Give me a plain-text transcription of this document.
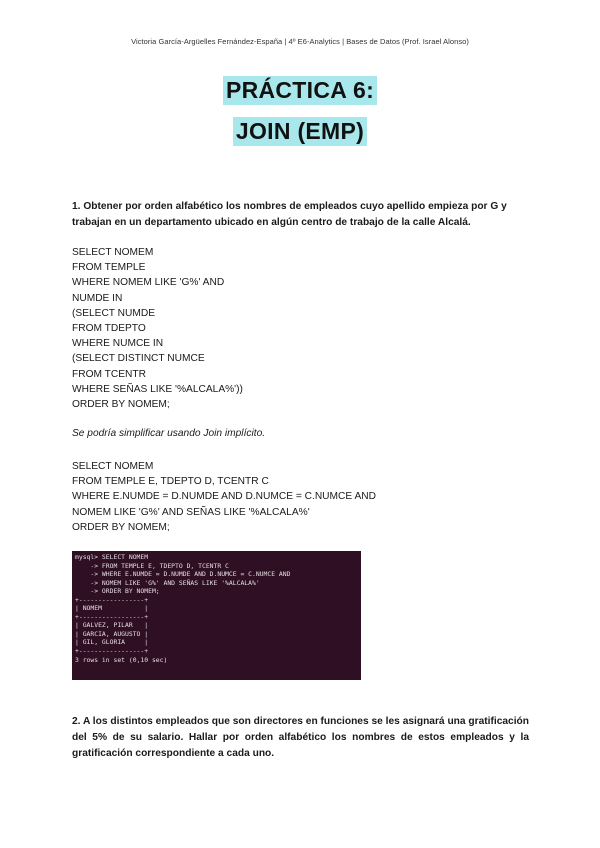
Victoria García-Argüelles Fernández-España | 4º E6-Analytics | Bases de Datos (Prof. Israel Alonso)
PRÁCTICA 6:
JOIN (EMP)
1. Obtener por orden alfabético los nombres de empleados cuyo apellido empieza por G y trabajan en un departamento ubicado en algún centro de trabajo de la calle Alcalá.
SELECT NOMEM
FROM TEMPLE
WHERE NOMEM LIKE 'G%' AND
NUMDE IN
(SELECT NUMDE
FROM TDEPTO
WHERE NUMCE IN
(SELECT DISTINCT NUMCE
FROM TCENTR
WHERE SEÑAS LIKE '%ALCALA%'))
ORDER BY NOMEM;
Se podría simplificar usando Join implícito.
SELECT NOMEM
FROM TEMPLE E, TDEPTO D, TCENTR C
WHERE E.NUMDE = D.NUMDE AND D.NUMCE = C.NUMCE AND
NOMEM LIKE 'G%' AND SEÑAS LIKE '%ALCALA%'
ORDER BY NOMEM;
mysql> SELECT NOMEM
-> FROM TEMPLE E, TDEPTO D, TCENTR C
-> WHERE E.NUMDE = D.NUMDE AND D.NUMCE = C.NUMCE AND
-> NOMEM LIKE 'G%' AND SEÑAS LIKE '%ALCALA%'
-> ORDER BY NOMEM;
+-----------------+
| NOMEM           |
+-----------------+
| GALVEZ, PILAR   |
| GARCIA, AUGUSTO |
| GIL, GLORIA     |
+-----------------+
3 rows in set (0,10 sec)
2. A los distintos empleados que son directores en funciones se les asignará una gratificación del 5% de su salario. Hallar por orden alfabético los nombres de estos empleados y la gratificación correspondiente a cada uno.
